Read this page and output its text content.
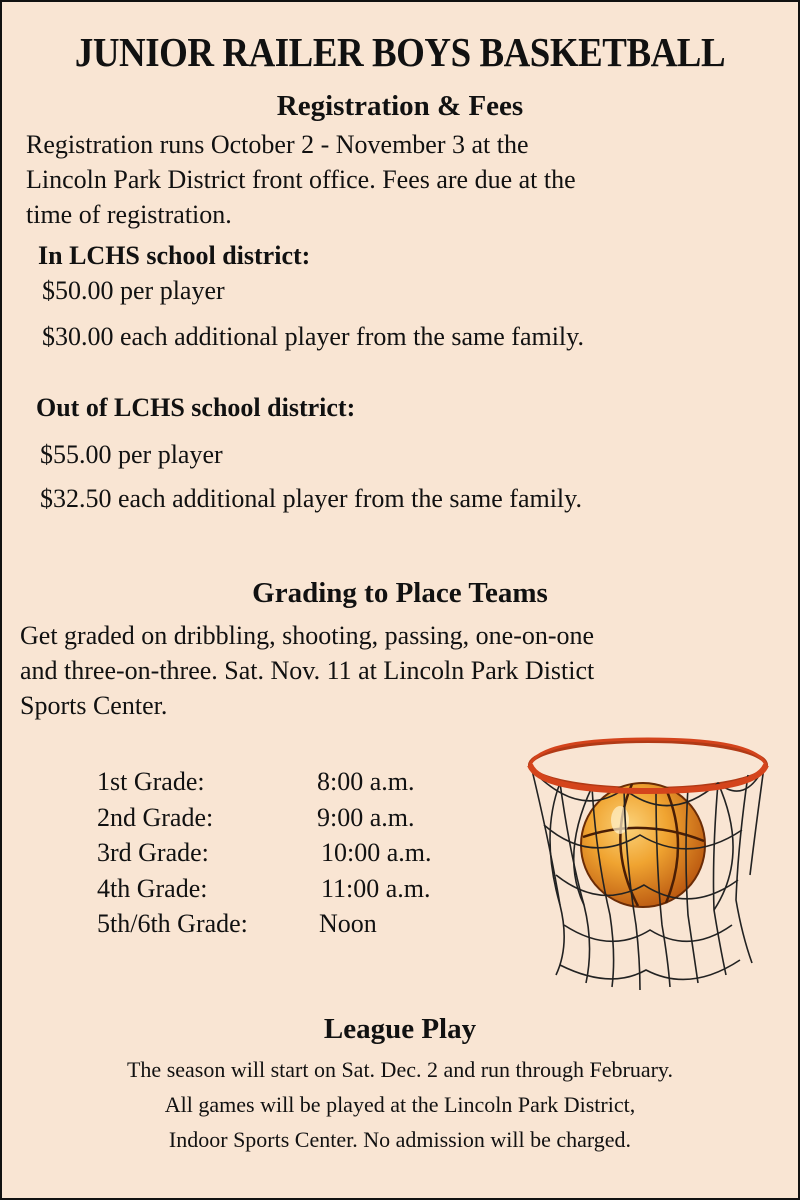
JUNIOR RAILER BOYS BASKETBALL
Registration & Fees
Registration runs October 2 - November 3 at the
Lincoln Park District front office. Fees are due at the
time of registration.
In LCHS school district:
$50.00 per player
$30.00 each additional player from the same family.
Out of LCHS school district:
$55.00 per player
$32.50 each additional player from the same family.
Grading to Place Teams
Get graded on dribbling, shooting, passing, one-on-one
and three-on-three. Sat. Nov. 11 at Lincoln Park Distict
Sports Center.
1st Grade:
2nd Grade:
3rd Grade:
4th Grade:
5th/6th Grade:
8:00 a.m.
9:00 a.m.
10:00 a.m.
11:00 a.m.
Noon
League Play
The season will start on Sat. Dec. 2 and run through February.
All games will be played at the Lincoln Park District,
Indoor Sports Center. No admission will be charged.
